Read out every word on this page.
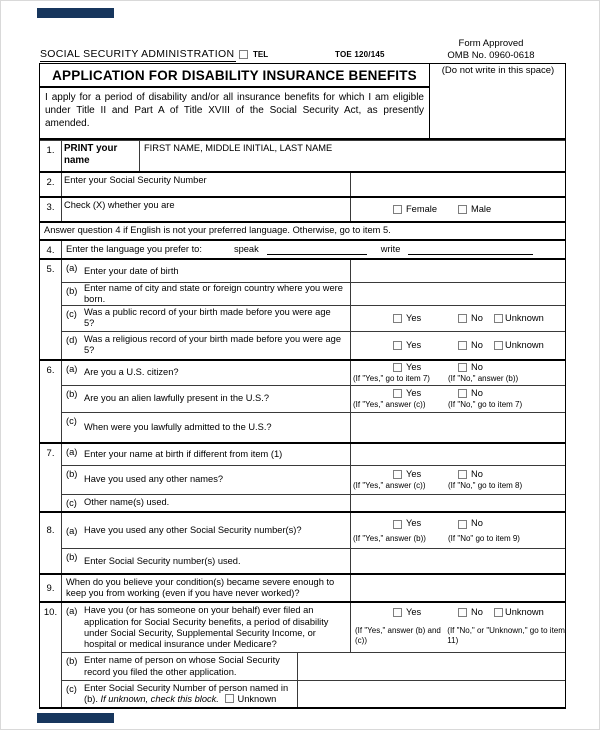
SOCIAL SECURITY ADMINISTRATION TEL	TOE 120/145
Form Approved
OMB No. 0960-0618
APPLICATION FOR DISABILITY INSURANCE BENEFITS
I apply for a period of disability and/or all insurance benefits for which I am eligible under Title II and Part A of Title XVIII of the Social Security Act, as presently amended.
(Do not write in this space)
1. PRINT your name
FIRST NAME, MIDDLE INITIAL, LAST NAME
2.	Enter your Social Security Number
3.	Check (X) whether you are	Female	Male
Answer question 4 if English is not your preferred language. Otherwise, go to item 5.
4.	Enter the language you prefer to:	speak	write
5.	(a) Enter your date of birth
(b) Enter name of city and state or foreign country where you were born.
(c) Was a public record of your birth made before you were age 5?
Yes	No Unknown
(d) Was a religious record of your birth made before you were age 5?
Yes	No Unknown
6.	(a) Are you a U.S. citizen?
Yes	No
(If "Yes," go to item 7)	(If "No," answer (b))
(b) Are you an alien lawfully present in the U.S.?
Yes	No
(If "Yes," answer (c))	(If "No," go to item 7)
(c)
When were you lawfully admitted to the U.S.?
7.	(a) Enter your name at birth if different from item (1)
(b)
Have you used any other names?
Yes	No
(If "Yes," answer (c))	(If "No," go to item 8)
(c) Other name(s) used.
8.	(a) Have you used any other Social Security number(s)?
Yes	No
(If "Yes," answer (b))	(If "No" go to item 9)
(b) Enter Social Security number(s) used.
9.
When do you believe your condition(s) became severe enough to keep you from working (even if you have never worked)?
10. (a) Have you (or has someone on your behalf) ever filed an application for Social Security benefits, a period of disability under Social Security, Supplemental Security Income, or hospital or medical insurance under Medicare?
Yes	No Unknown
(If "Yes," answer (b) and (c))
(If "No," or "Unknown," go to item 11)
(b) Enter name of person on whose Social Security record you filed the other application.
(c) Enter Social Security Number of person named in (b). If unknown, check this block. Unknown
